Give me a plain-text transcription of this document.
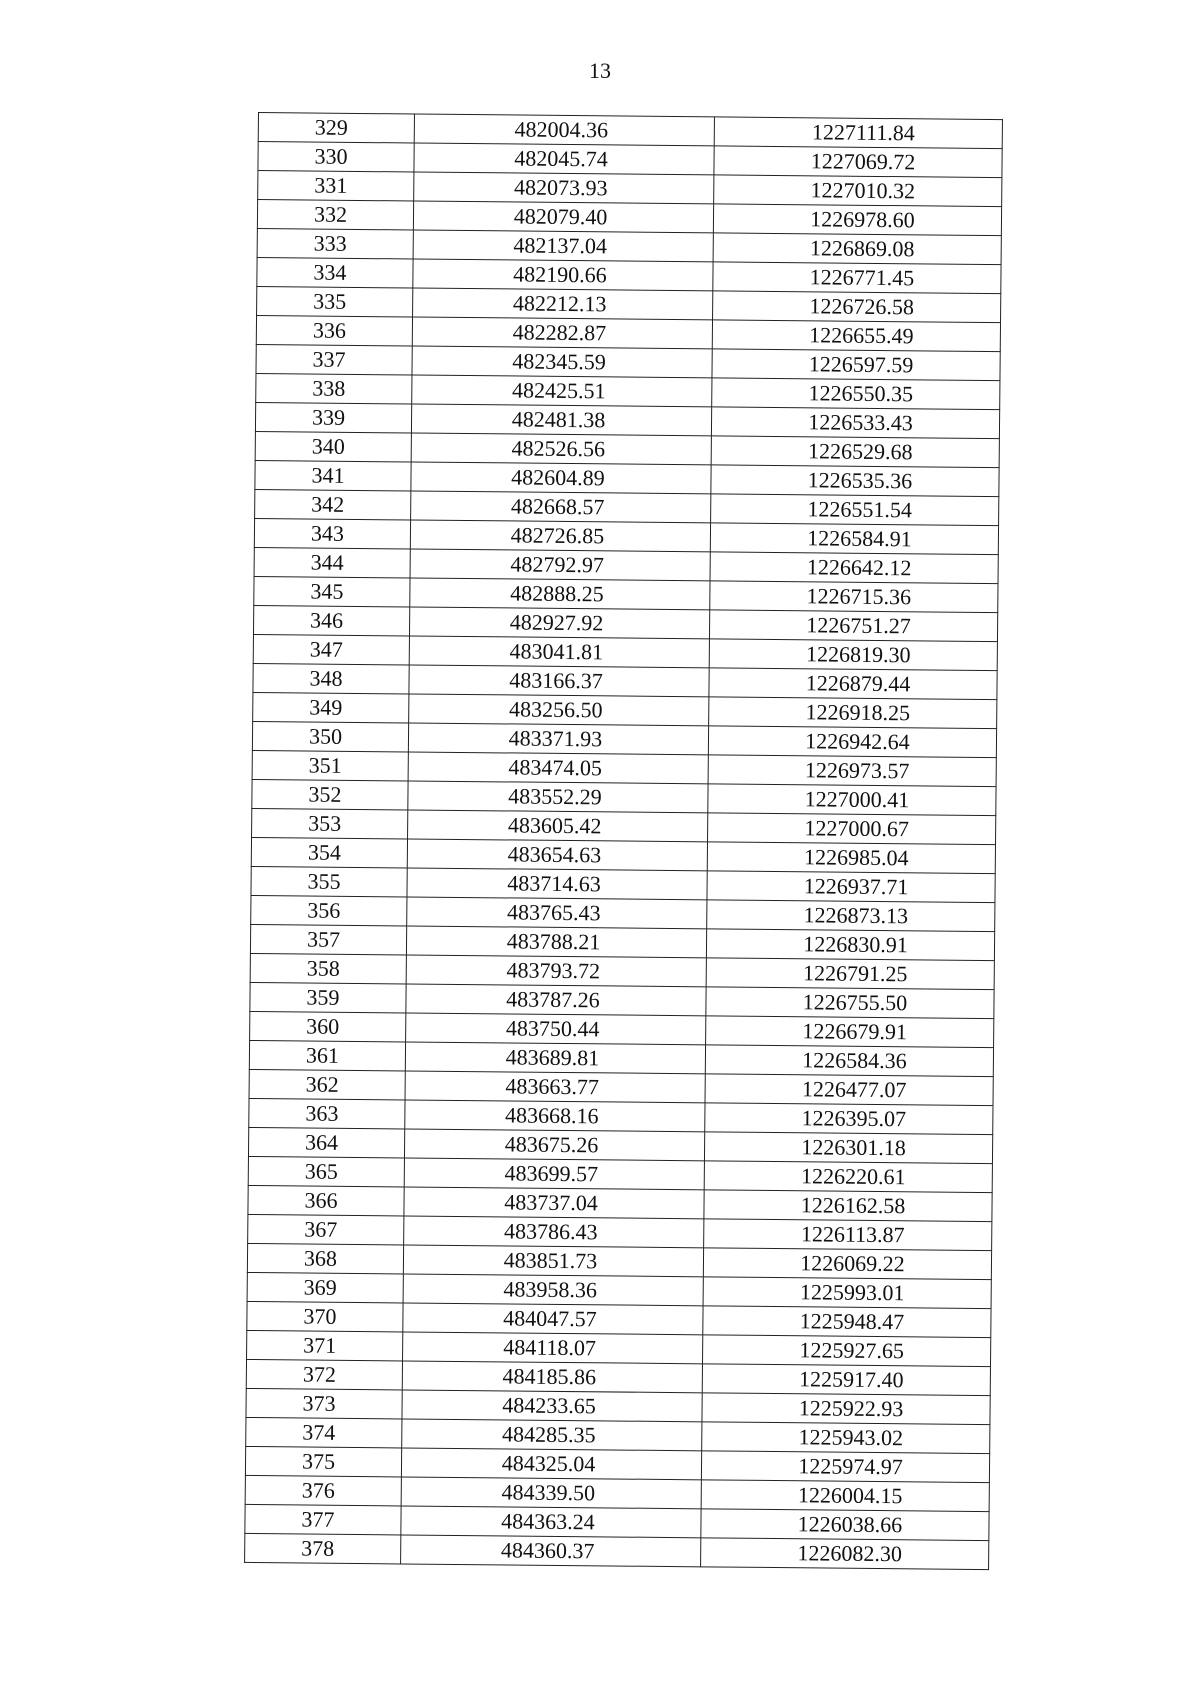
13
329	482004.36	1227111.84
330	482045.74	1227069.72
331	482073.93	1227010.32
332	482079.40	1226978.60
333	482137.04	1226869.08
334	482190.66	1226771.45
335	482212.13	1226726.58
336	482282.87	1226655.49
337	482345.59	1226597.59
338	482425.51	1226550.35
339	482481.38	1226533.43
340	482526.56	1226529.68
341	482604.89	1226535.36
342	482668.57	1226551.54
343	482726.85	1226584.91
344	482792.97	1226642.12
345	482888.25	1226715.36
346	482927.92	1226751.27
347	483041.81	1226819.30
348	483166.37	1226879.44
349	483256.50	1226918.25
350	483371.93	1226942.64
351	483474.05	1226973.57
352	483552.29	1227000.41
353	483605.42	1227000.67
354	483654.63	1226985.04
355	483714.63	1226937.71
356	483765.43	1226873.13
357	483788.21	1226830.91
358	483793.72	1226791.25
359	483787.26	1226755.50
360	483750.44	1226679.91
361	483689.81	1226584.36
362	483663.77	1226477.07
363	483668.16	1226395.07
364	483675.26	1226301.18
365	483699.57	1226220.61
366	483737.04	1226162.58
367	483786.43	1226113.87
368	483851.73	1226069.22
369	483958.36	1225993.01
370	484047.57	1225948.47
371	484118.07	1225927.65
372	484185.86	1225917.40
373	484233.65	1225922.93
374	484285.35	1225943.02
375	484325.04	1225974.97
376	484339.50	1226004.15
377	484363.24	1226038.66
378	484360.37	1226082.30
